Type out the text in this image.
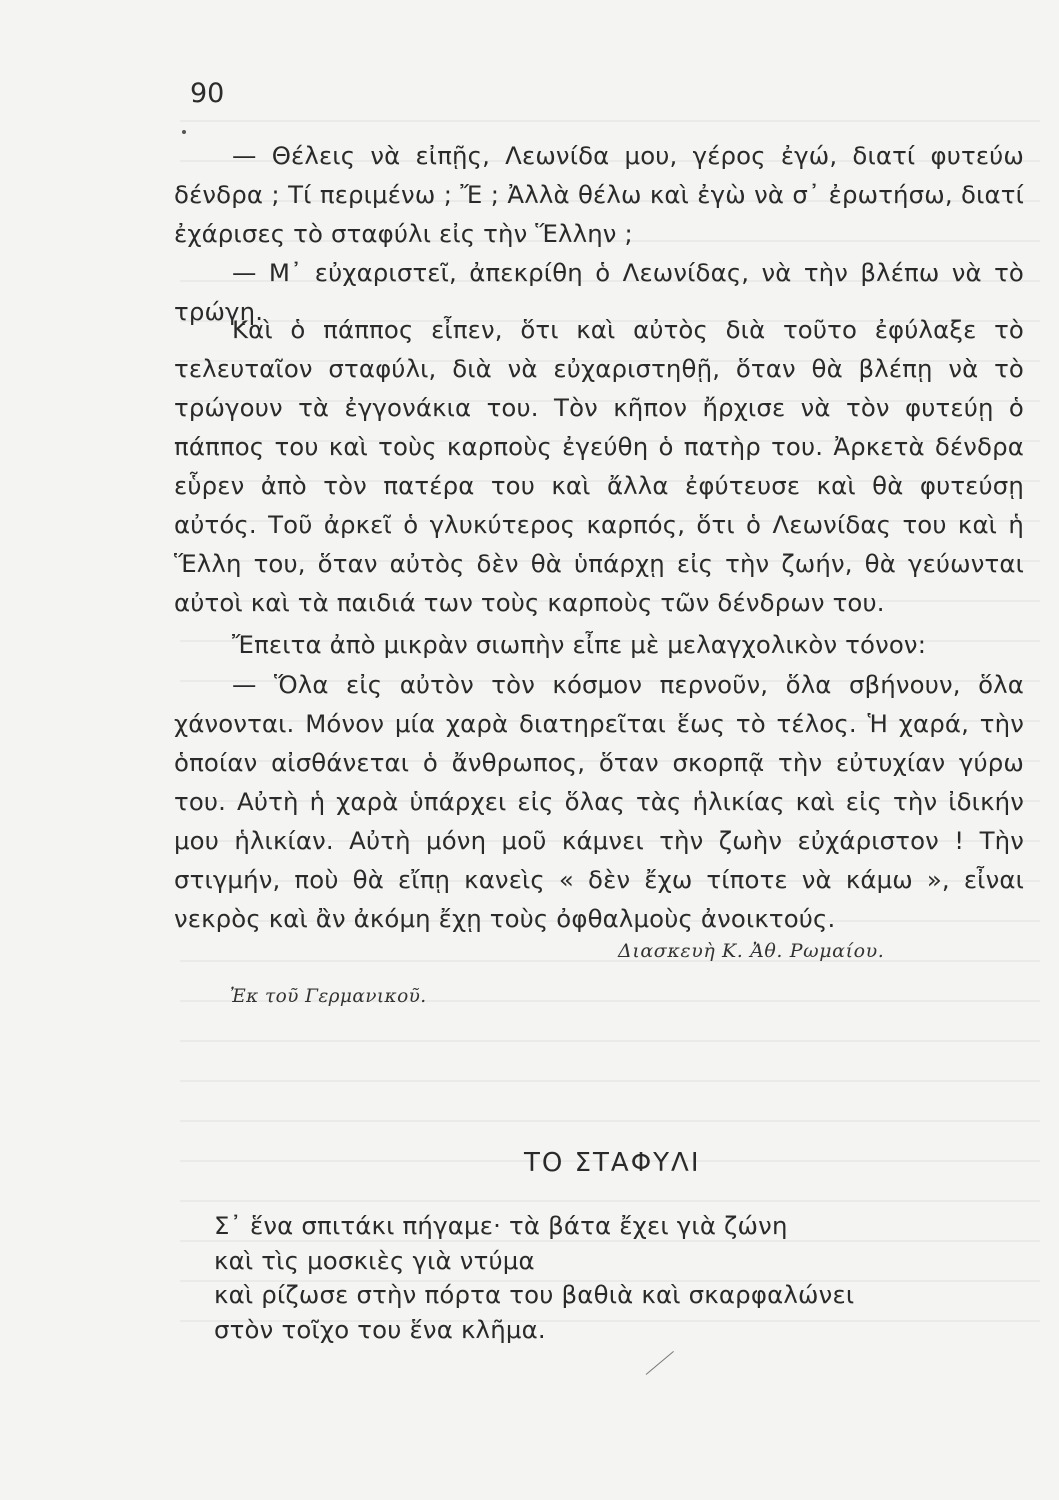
90

— Θέλεις νὰ εἰπῇς, Λεωνίδα μου, γέρος ἐγώ, διατί φυτεύω δένδρα ; Τί περιμένω ; Ἔ ; Ἀλλὰ θέλω καὶ ἐγὼ νὰ σ᾿ ἐρωτήσω, διατί ἐχάρισες τὸ σταφύλι εἰς τὴν Ἕλλην ;

— Μ᾿ εὐχαριστεῖ, ἀπεκρίθη ὁ Λεωνίδας, νὰ τὴν βλέπω νὰ τὸ τρώγῃ.

Καὶ ὁ πάππος εἶπεν, ὅτι καὶ αὐτὸς διὰ τοῦτο ἐφύλαξε τὸ τελευταῖον σταφύλι, διὰ νὰ εὐχαριστηθῇ, ὅταν θὰ βλέπῃ νὰ τὸ τρώγουν τὰ ἐγγονάκια του. Τὸν κῆπον ἤρχισε νὰ τὸν φυτεύῃ ὁ πάππος του καὶ τοὺς καρποὺς ἐγεύθη ὁ πατὴρ του. Ἀρκετὰ δένδρα εὗρεν ἀπὸ τὸν πατέρα του καὶ ἄλλα ἐφύτευσε καὶ θὰ φυτεύσῃ αὐτός. Τοῦ ἀρκεῖ ὁ γλυκύτερος καρπός, ὅτι ὁ Λεωνίδας του καὶ ἡ Ἕλλη του, ὅταν αὐτὸς δὲν θὰ ὑπάρχῃ εἰς τὴν ζωήν, θὰ γεύωνται αὐτοὶ καὶ τὰ παιδιά των τοὺς καρποὺς τῶν δένδρων του.

Ἔπειτα ἀπὸ μικρὰν σιωπὴν εἶπε μὲ μελαγχολικὸν τόνον:

— Ὅλα εἰς αὐτὸν τὸν κόσμον περνοῦν, ὅλα σβήνουν, ὅλα χάνονται. Μόνον μία χαρὰ διατηρεῖται ἕως τὸ τέλος. Ἡ χαρά, τὴν ὁποίαν αἰσθάνεται ὁ ἄνθρωπος, ὅταν σκορπᾷ τὴν εὐτυχίαν γύρω του. Αὐτὴ ἡ χαρὰ ὑπάρχει εἰς ὅλας τὰς ἡλικίας καὶ εἰς τὴν ἰδικήν μου ἡλικίαν. Αὐτὴ μόνη μοῦ κάμνει τὴν ζωὴν εὐχάριστον ! Τὴν στιγμήν, ποὺ θὰ εἴπῃ κανεὶς « δὲν ἔχω τίποτε νὰ κάμω », εἶναι νεκρὸς καὶ ἂν ἀκόμη ἔχῃ τοὺς ὀφθαλμοὺς ἀνοικτούς.

Διασκευὴ Κ. Ἀθ. Ρωμαίου.
Ἐκ τοῦ Γερμανικοῦ.
ΤΟ ΣΤΑΦΥΛΙ
Σ᾿ ἕνα σπιτάκι πήγαμε· τὰ βάτα ἔχει γιὰ ζώνη
καὶ τὶς μοσκιὲς γιὰ ντύμα
καὶ ρίζωσε στὴν πόρτα του βαθιὰ καὶ σκαρφαλώνει
στὸν τοῖχο του ἕνα κλῆμα.
